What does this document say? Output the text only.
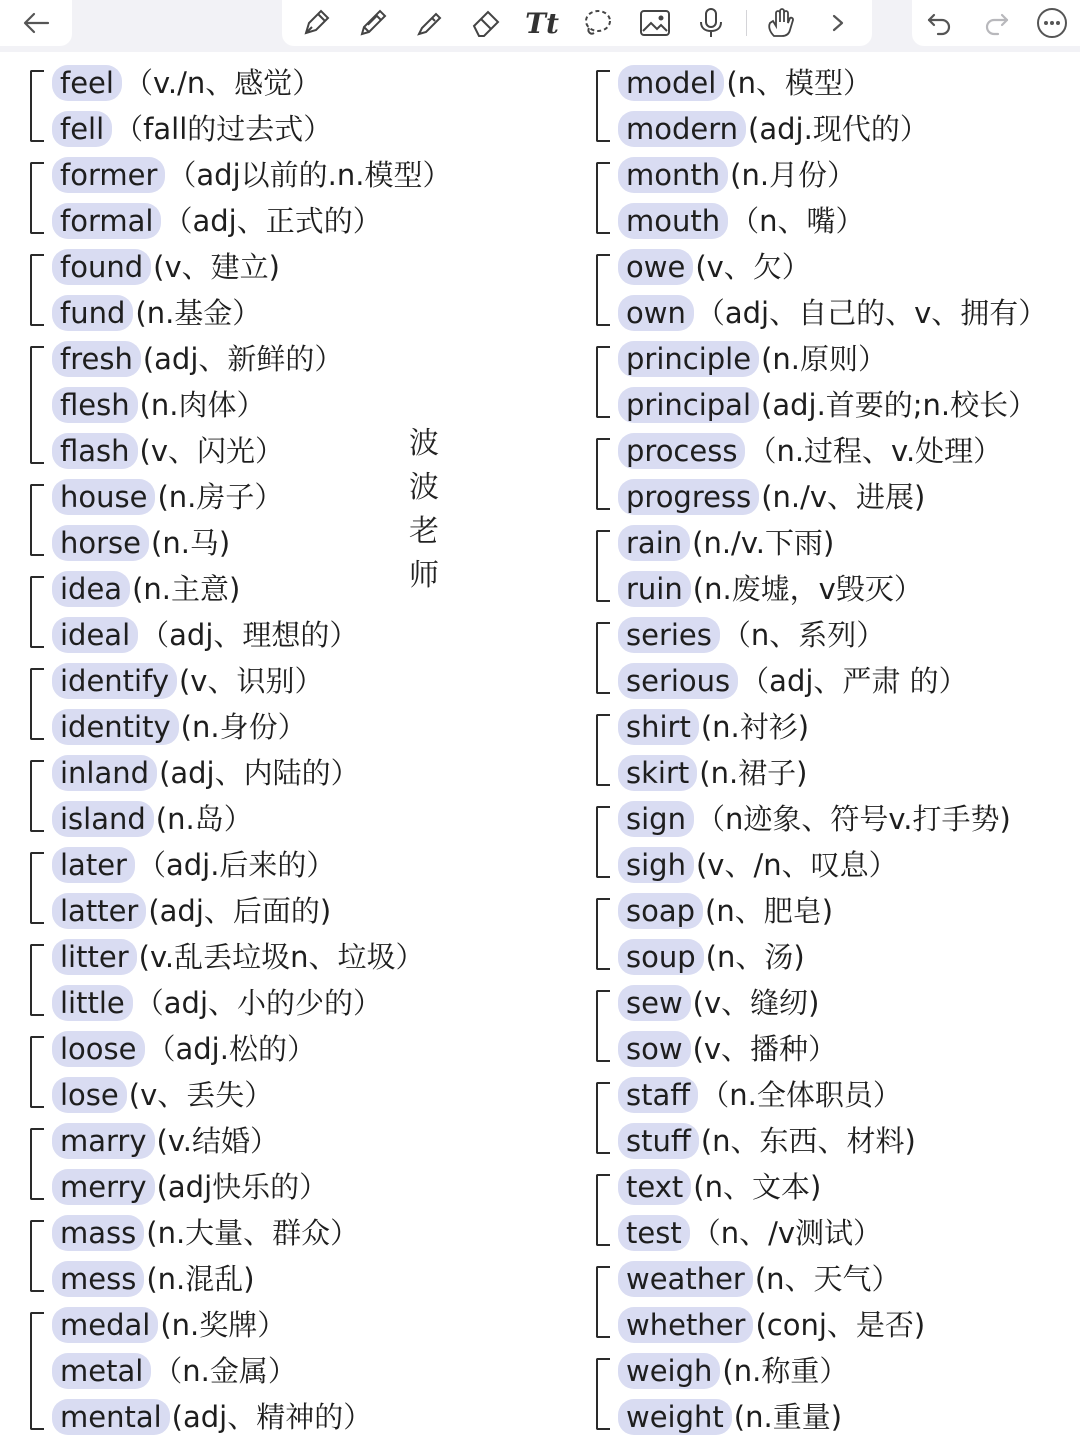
Tt
feel （v./n、感觉）
fell （fall的过去式）
former （adj以前的.n.模型）
formal （adj、正式的）
found (v、建立)
fund (n.基金）
fresh (adj、新鲜的）
flesh (n.肉体）
flash (v、闪光）
house (n.房子）
horse (n.马)
idea (n.主意)
ideal （adj、理想的）
identify (v、识别）
identity (n.身份）
inland (adj、内陆的）
island (n.岛）
later （adj.后来的）
latter (adj、后面的)
litter (v.乱丢垃圾n、垃圾）
little （adj、小的少的）
loose （adj.松的）
lose (v、丢失）
marry (v.结婚）
merry (adj快乐的）
mass (n.大量、群众）
mess (n.混乱)
medal (n.奖牌）
metal （n.金属）
mental (adj、精神的）
model (n、模型）
modern (adj.现代的）
month (n.月份）
mouth （n、嘴）
owe (v、欠）
own （adj、自己的、v、拥有）
principle (n.原则）
principal (adj.首要的;n.校长）
process （n.过程、v.处理）
progress (n./v、进展)
rain (n./v.下雨)
ruin (n.废墟，v毁灭）
series （n、系列）
serious （adj、严肃 的）
shirt (n.衬衫)
skirt (n.裙子)
sign （n迹象、符号v.打手势)
sigh (v、/n、叹息）
soap (n、肥皂)
soup (n、汤)
sew (v、缝纫)
sow (v、播种）
staff （n.全体职员）
stuff (n、东西、材料)
text (n、文本)
test （n、/v测试）
weather (n、天气）
whether (conj、是否)
weigh (n.称重）
weight (n.重量)
波
波
老
师
